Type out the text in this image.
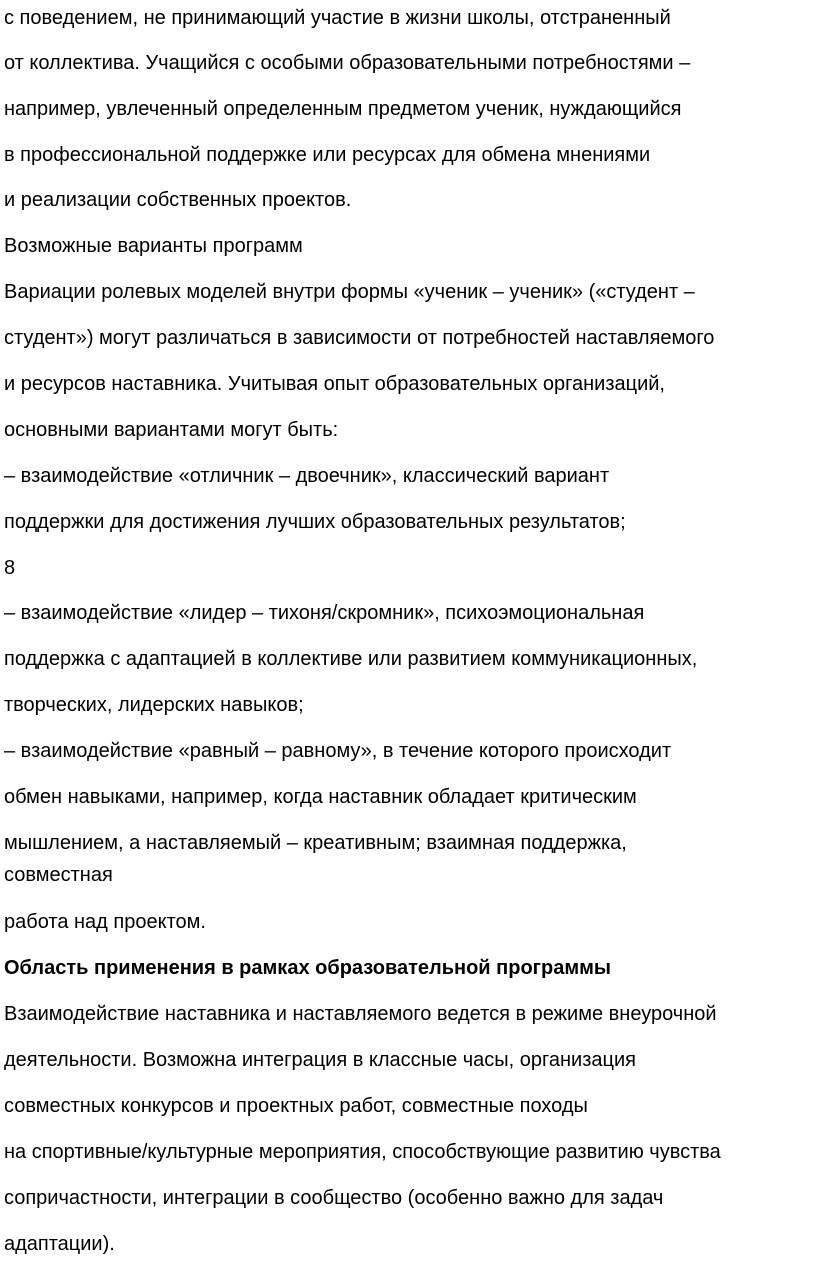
с поведением, не принимающий участие в жизни школы, отстраненный
от коллектива. Учащийся с особыми образовательными потребностями –
например, увлеченный определенным предметом ученик, нуждающийся
в профессиональной поддержке или ресурсах для обмена мнениями
и реализации собственных проектов.
Возможные варианты программ
Вариации ролевых моделей внутри формы «ученик – ученик» («студент –
студент») могут различаться в зависимости от потребностей наставляемого
и ресурсов наставника. Учитывая опыт образовательных организаций,
основными вариантами могут быть:
– взаимодействие «отличник – двоечник», классический вариант
поддержки для достижения лучших образовательных результатов;
8
– взаимодействие «лидер – тихоня/скромник», психоэмоциональная
поддержка с адаптацией в коллективе или развитием коммуникационных,
творческих, лидерских навыков;
– взаимодействие «равный – равному», в течение которого происходит
обмен навыками, например, когда наставник обладает критическим
мышлением, а наставляемый – креативным; взаимная поддержка,
совместная
работа над проектом.
Область применения в рамках образовательной программы
Взаимодействие наставника и наставляемого ведется в режиме внеурочной
деятельности. Возможна интеграция в классные часы, организация
совместных конкурсов и проектных работ, совместные походы
на спортивные/культурные мероприятия, способствующие развитию чувства
сопричастности, интеграции в сообщество (особенно важно для задач
адаптации).
